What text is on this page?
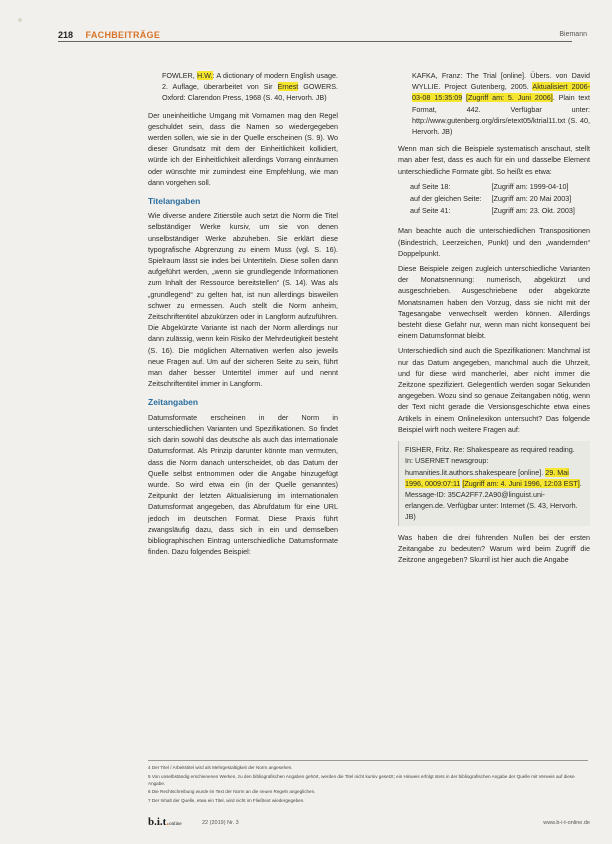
218 FACHBEITRÄGE	Biemann
FOWLER, H.W.: A dictionary of modern English usage. 2. Auflage, überarbeitet von Sir Ernest GOWERS. Oxford: Clarendon Press, 1968 (S. 40, Hervorh. JB)

Der uneinheitliche Umgang mit Vornamen mag den Regel geschuldet sein, dass die Namen so wiedergegeben werden sollen, wie sie in der Quelle erscheinen (S. 9). Wo dieser Grundsatz mit dem der Einheitlichkeit kollidiert, würde ich der Einheitlichkeit allerdings Vorrang einräumen oder wünschte mir zumindest eine Empfehlung, wie man dann vorgehen soll.

Titelangaben

Wie diverse andere Zitierstile auch setzt die Norm die Titel selbständiger Werke kursiv, um sie von denen unselbständiger Werke abzuheben. Sie erklärt diese typografische Abgrenzung zu einem Muss (vgl. S. 16). Spielraum lässt sie indes bei Untertiteln. Diese sollen dann aufgeführt werden, „wenn sie grundlegende Informationen zum Inhalt der Ressource bereitstellen“ (S. 14). Was als „grundlegend“ zu gelten hat, ist nun allerdings bisweilen schwer zu ermessen. Auch stellt die Norm anheim, Zeitschriftentitel abzukürzen oder in Langform aufzuführen. Die Abgekürzte Variante ist nach der Norm allerdings nur dann zulässig, wenn kein Risiko der Mehrdeutigkeit besteht (S. 16). Die möglichen Alternativen werfen also jeweils neue Fragen auf. Um auf der sicheren Seite zu sein, führt man daher besser Untertitel immer auf und nennt Zeitschriftentitel immer in Langform.

Zeitangaben

Datumsformate erscheinen in der Norm in unterschiedlichen Varianten und Spezifikationen. So findet sich darin sowohl das deutsche als auch das internationale Datumsformat. Als Prinzip darunter könnte man vermuten, dass die Norm danach unterscheidet, ob das Datum der Quelle selbst entnommen oder die Angabe hinzugefügt wurde. So wird etwa ein (in der Quelle genanntes) Zeitpunkt der letzten Aktualisierung im internationalen Datumsformat angegeben, das Abrufdatum für eine URL jedoch im deutschen Format. Diese Praxis führt zwangsläufig dazu, dass sich in ein und demselben bibliographischen Eintrag unterschiedliche Datumsformate finden. Dazu folgendes Beispiel:

KAFKA, Franz: The Trial [online]. Übers. von David WYLLIE. Project Gutenberg, 2005. Aktualisiert 2006-03-08 15:35:09 [Zugriff am: 5. Juni 2006]. Plain text Format, 442. Verfügbar unter: http://www.gutenberg.org/dirs/etext05/ktrial11.txt (S. 40, Hervorh. JB)

Wenn man sich die Beispiele systematisch anschaut, stellt man aber fest, dass es auch für ein und dasselbe Element unterschiedliche Formate gibt. So heißt es etwa:

auf Seite 18:	[Zugriff am: 1999-04-10]
auf der gleichen Seite:	[Zugriff am: 20 Mai 2003]
auf Seite 41:	[Zugriff am: 23. Okt. 2003]

Man beachte auch die unterschiedlichen Transpositionen (Bindestrich, Leerzeichen, Punkt) und den „wandernden“ Doppelpunkt.

Diese Beispiele zeigen zugleich unterschiedliche Varianten der Monatsnennung: numerisch, abgekürzt und ausgeschrieben. Ausgeschriebene oder abgekürzte Monatsnamen haben den Vorzug, dass sie nicht mit der Tagesangabe verwechselt werden können. Allerdings besteht diese Gefahr nur, wenn man nicht konsequent bei einem Datumsformat bleibt.

Unterschiedlich sind auch die Spezifikationen: Manchmal ist nur das Datum angegeben, manchmal auch die Uhrzeit, und für diese wird mancherlei, aber nicht immer die Zeitzone spezifiziert. Gelegentlich werden sogar Sekunden angegeben. Wozu sind so genaue Zeitangaben nötig, wenn der Text nicht gerade die Versionsgeschichte etwa eines Artikels in einem Onlinelexikon untersucht? Das folgende Beispiel wirft noch weitere Fragen auf:

FISHER, Fritz. Re: Shakespeare as required reading. In: USERNET newsgroup: humanities.lit.authors.shakespeare [online]. 29. Mai 1996, 0009:07:11 [Zugriff am: 4. Juni 1996, 12:03 EST]. Message-ID: 35CA2FF7.2A90@linguist.uni-erlangen.de. Verfügbar unter: Internet (S. 43, Hervorh. JB)

Was haben die drei führenden Nullen bei der ersten Zeitangabe zu bedeuten? Warum wird beim Zugriff die Zeitzone angegeben? Skurril ist hier auch die Angabe

4 Der Titel / Arbeitstitel wird als Mehrgestaltigkeit der Norm angesehen.
5 Von unselbständig erschienenen Werken, zu den bibliografischen Angaben gehört, werden die Titel nicht kursiv gesetzt; ein Hinweis erfolgt stets in der bibliografischen Angabe der Quelle mit Verweis auf diese Angabe.
6 Die Rechtschreibung wurde im Text der Norm an die neuen Regeln angeglichen.
7 Der Inhalt der Quelle, etwa ein Titel, wird nicht im Fließtext wiedergegeben.
b.i.t.online	22 (2019) Nr. 3	www.b-i-t-online.de
